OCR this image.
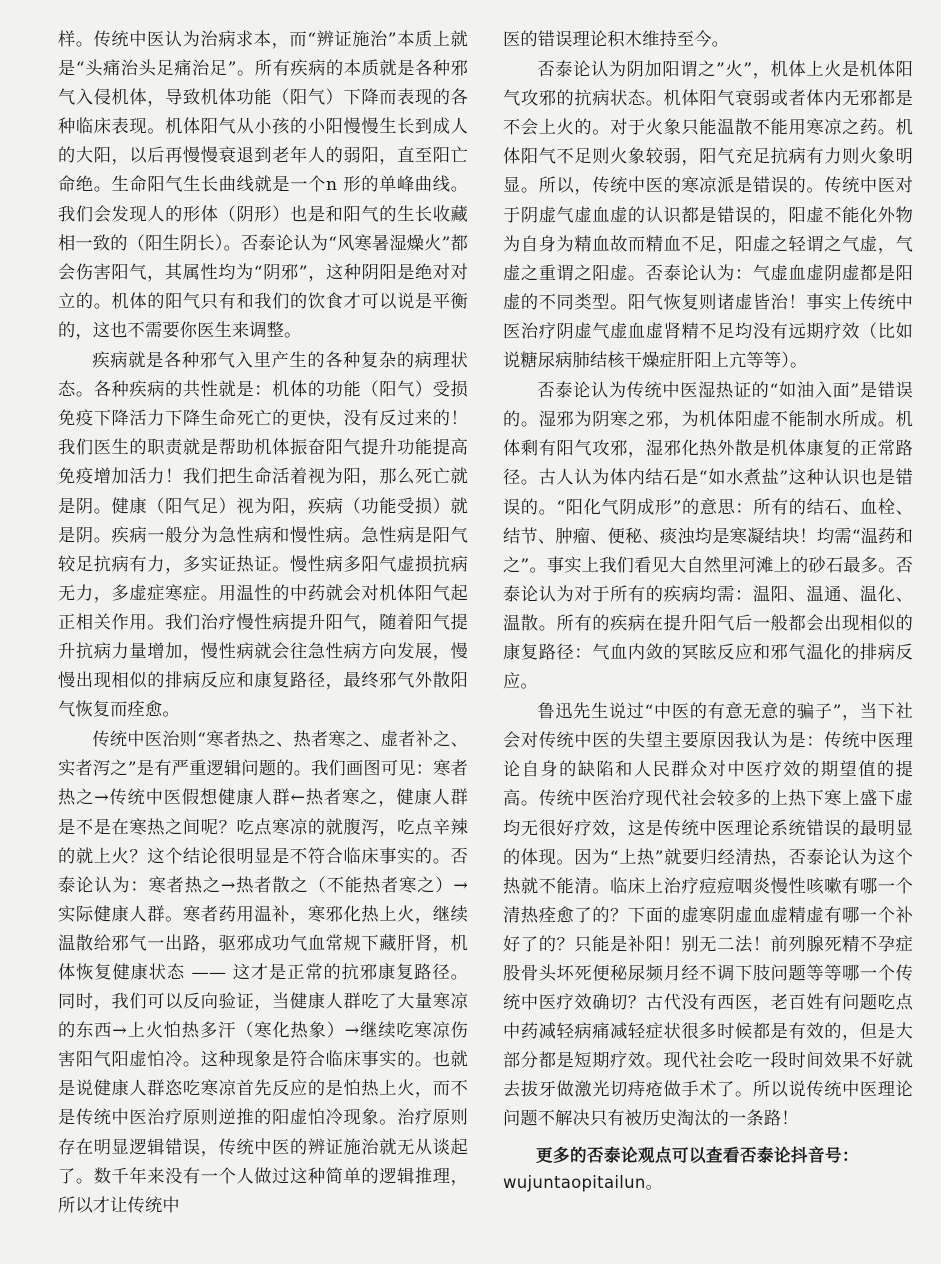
样。传统中医认为治病求本，而“辨证施治”本质上就是“头痛治头足痛治足”。所有疾病的本质就是各种邪气入侵机体，导致机体功能（阳气）下降而表现的各种临床表现。机体阳气从小孩的小阳慢慢生长到成人的大阳，以后再慢慢衰退到老年人的弱阳，直至阳亡命绝。生命阳气生长曲线就是一个n 形的单峰曲线。我们会发现人的形体（阴形）也是和阳气的生长收藏相一致的（阳生阴长）。否泰论认为“风寒暑湿燥火”都会伤害阳气，其属性均为“阴邪”，这种阴阳是绝对对立的。机体的阳气只有和我们的饮食才可以说是平衡的，这也不需要你医生来调整。

疾病就是各种邪气入里产生的各种复杂的病理状态。各种疾病的共性就是：机体的功能（阳气）受损免疫下降活力下降生命死亡的更快，没有反过来的！我们医生的职责就是帮助机体振奋阳气提升功能提高免疫增加活力！我们把生命活着视为阳，那么死亡就是阴。健康（阳气足）视为阳，疾病（功能受损）就是阴。疾病一般分为急性病和慢性病。急性病是阳气较足抗病有力，多实证热证。慢性病多阳气虚损抗病无力，多虚症寒症。用温性的中药就会对机体阳气起正相关作用。我们治疗慢性病提升阳气，随着阳气提升抗病力量增加，慢性病就会往急性病方向发展，慢慢出现相似的排病反应和康复路径，最终邪气外散阳气恢复而痊愈。

传统中医治则“寒者热之、热者寒之、虚者补之、实者泻之”是有严重逻辑问题的。我们画图可见：寒者热之→传统中医假想健康人群←热者寒之，健康人群是不是在寒热之间呢？吃点寒凉的就腹泻，吃点辛辣的就上火？这个结论很明显是不符合临床事实的。否泰论认为：寒者热之→热者散之（不能热者寒之）→实际健康人群。寒者药用温补，寒邪化热上火，继续温散给邪气一出路，驱邪成功气血常规下藏肝肾，机体恢复健康状态 —— 这才是正常的抗邪康复路径。同时，我们可以反向验证，当健康人群吃了大量寒凉的东西→上火怕热多汗（寒化热象）→继续吃寒凉伤害阳气阳虚怕冷。这种现象是符合临床事实的。也就是说健康人群恣吃寒凉首先反应的是怕热上火，而不是传统中医治疗原则逆推的阳虚怕冷现象。治疗原则存在明显逻辑错误，传统中医的辨证施治就无从谈起了。数千年来没有一个人做过这种简单的逻辑推理，所以才让传统中

医的错误理论积木维持至今。

否泰论认为阴加阳谓之”火”，机体上火是机体阳气攻邪的抗病状态。机体阳气衰弱或者体内无邪都是不会上火的。对于火象只能温散不能用寒凉之药。机体阳气不足则火象较弱，阳气充足抗病有力则火象明显。所以，传统中医的寒凉派是错误的。传统中医对于阴虚气虚血虚的认识都是错误的，阳虚不能化外物为自身为精血故而精血不足，阳虚之轻谓之气虚，气虚之重谓之阳虚。否泰论认为：气虚血虚阴虚都是阳虚的不同类型。阳气恢复则诸虚皆治！事实上传统中医治疗阴虚气虚血虚肾精不足均没有远期疗效（比如说糖尿病肺结核干燥症肝阳上亢等等）。

否泰论认为传统中医湿热证的“如油入面”是错误的。湿邪为阴寒之邪，为机体阳虚不能制水所成。机体剩有阳气攻邪，湿邪化热外散是机体康复的正常路径。古人认为体内结石是“如水煮盐”这种认识也是错误的。“阳化气阴成形”的意思：所有的结石、血栓、结节、肿瘤、便秘、痰浊均是寒凝结块！均需“温药和之”。事实上我们看见大自然里河滩上的砂石最多。否泰论认为对于所有的疾病均需：温阳、温通、温化、温散。所有的疾病在提升阳气后一般都会出现相似的康复路径：气血内敛的冥眩反应和邪气温化的排病反应。

鲁迅先生说过“中医的有意无意的骗子”，当下社会对传统中医的失望主要原因我认为是：传统中医理论自身的缺陷和人民群众对中医疗效的期望值的提高。传统中医治疗现代社会较多的上热下寒上盛下虚均无很好疗效，这是传统中医理论系统错误的最明显的体现。因为“上热”就要归经清热，否泰论认为这个热就不能清。临床上治疗痘痘咽炎慢性咳嗽有哪一个清热痊愈了的？下面的虚寒阴虚血虚精虚有哪一个补好了的？只能是补阳！别无二法！前列腺死精不孕症股骨头坏死便秘尿频月经不调下肢问题等等哪一个传统中医疗效确切？古代没有西医，老百姓有问题吃点中药减轻病痛减轻症状很多时候都是有效的，但是大部分都是短期疗效。现代社会吃一段时间效果不好就去拔牙做激光切痔疮做手术了。所以说传统中医理论问题不解决只有被历史淘汰的一条路！

更多的否泰论观点可以查看否泰论抖音号：
wujuntaopitailun。
